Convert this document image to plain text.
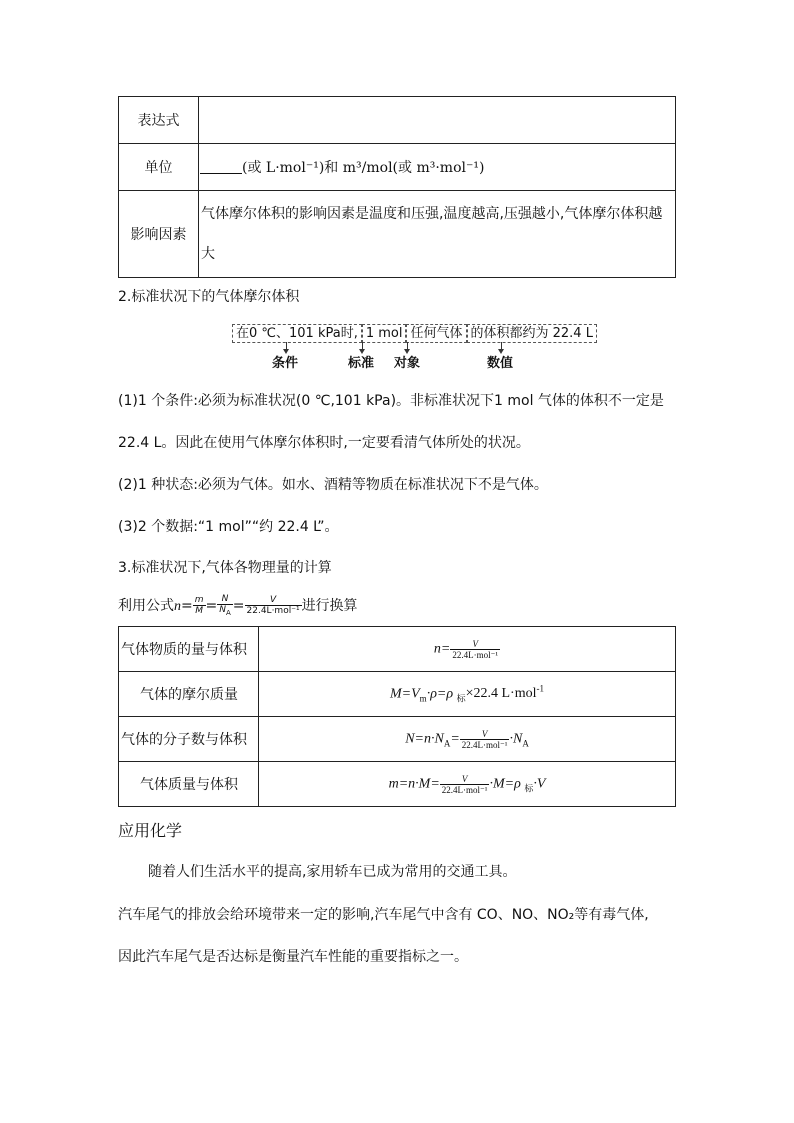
表达式	
单位	(或 L·mol⁻¹)和 m³/mol(或 m³·mol⁻¹)
影响因素	气体摩尔体积的影响因素是温度和压强,温度越高,压强越小,气体摩尔体积越大
2.标准状况下的气体摩尔体积
在0 ℃、101 kPa时, 1 mol 任何气体 的体积都约为 22.4 L
条件	标准 对象	数值
(1)1 个条件:必须为标准状况(0 ℃,101 kPa)。非标准状况下1 mol 气体的体积不一定是
22.4 L。因此在使用气体摩尔体积时,一定要看清气体所处的状况。
(2)1 种状态:必须为气体。如水、酒精等物质在标准状况下不是气体。
(3)2 个数据:“1 mol”“约 22.4 L”。
3.标准状况下,气体各物理量的计算
利用公式$n= \frac{m}{M} = \frac{N}{N_A} = \frac{V}{\text{22.4L·mol⁻¹}}$ 进行换算
气体物质的量与体积	$n= \frac{V}{\text{22.4L·mol⁻¹}}$

气体的摩尔质量	$M=V_m\cdot\rho=\rho$ $_标$×22.4 L·mol$^{-1}$
气体的分子数与体积	$N=n\cdot N_A= \frac{V}{\text{22.4L·mol⁻¹}} \cdot N_A$
气体质量与体积	$m=n\cdot M= \frac{V}{\text{22.4L·mol⁻¹}} \cdot M=\rho$ $_标$·V
应用化学
随着人们生活水平的提高,家用轿车已成为常用的交通工具。
汽车尾气的排放会给环境带来一定的影响,汽车尾气中含有 CO、NO、NO₂等有毒气体,
因此汽车尾气是否达标是衡量汽车性能的重要指标之一。
